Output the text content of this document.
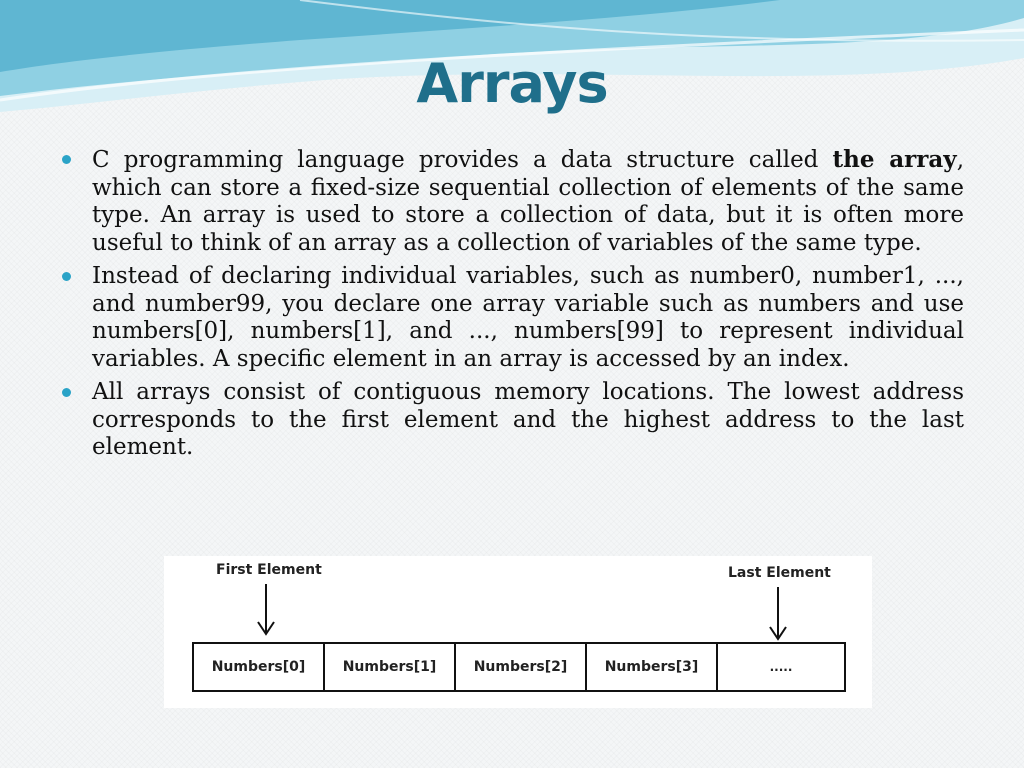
Arrays
C programming language provides a data structure called the array, which can store a fixed-size sequential collection of elements of the same type. An array is used to store a collection of data, but it is often more useful to think of an array as a collection of variables of the same type.
Instead of declaring individual variables, such as number0, number1, ..., and number99, you declare one array variable such as numbers and use numbers[0], numbers[1], and ..., numbers[99] to represent individual variables. A specific element in an array is accessed by an index.
All arrays consist of contiguous memory locations. The lowest address corresponds to the first element and the highest address to the last element.
First Element	Last Element
Numbers[0]	Numbers[1]	Numbers[2]	Numbers[3]	.....
